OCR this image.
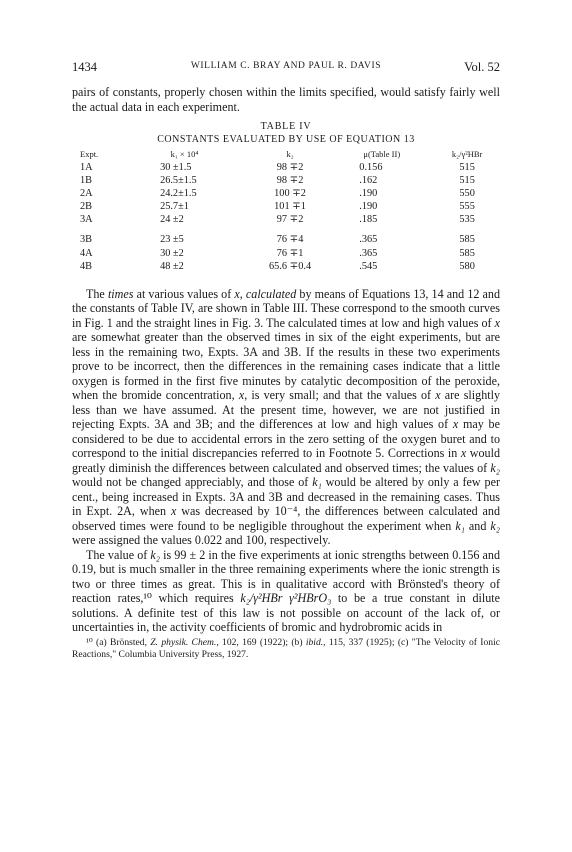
1434	WILLIAM C. BRAY AND PAUL R. DAVIS	Vol. 52

pairs of constants, properly chosen within the limits specified, would satisfy fairly well the actual data in each experiment.

TABLE IV
CONSTANTS EVALUATED BY USE OF EQUATION 13
Expt.	k₁ × 10⁴	k₂	μ(Table II)	k₂/γ²HBr
1A	30 ±1.5	98 ∓2	0.156	515
1B	26.5±1.5	98 ∓2	.162	515
2A	24.2±1.5	100 ∓2	.190	550
2B	25.7±1	101 ∓1	.190	555
3A	24 ±2	97 ∓2	.185	535

3B	23 ±5	76 ∓4	.365	585
4A	30 ±2	76 ∓1	.365	585
4B	48 ±2	65.6 ∓0.4	.545	580

The times at various values of x, calculated by means of Equations 13, 14 and 12 and the constants of Table IV, are shown in Table III. These correspond to the smooth curves in Fig. 1 and the straight lines in Fig. 3. The calculated times at low and high values of x are somewhat greater than the observed times in six of the eight experiments, but are less in the remaining two, Expts. 3A and 3B. If the results in these two experiments prove to be incorrect, then the differences in the remaining cases indicate that a little oxygen is formed in the first five minutes by catalytic decomposition of the peroxide, when the bromide concentration, x, is very small; and that the values of x are slightly less than we have assumed. At the present time, however, we are not justified in rejecting Expts. 3A and 3B; and the differences at low and high values of x may be considered to be due to accidental errors in the zero setting of the oxygen buret and to correspond to the initial discrepancies referred to in Footnote 5. Corrections in x would greatly diminish the differences between calculated and observed times; the values of k₂ would not be changed appreciably, and those of k₁ would be altered by only a few per cent., being increased in Expts. 3A and 3B and decreased in the remaining cases. Thus in Expt. 2A, when x was decreased by 10⁻⁴, the differences between calculated and observed times were found to be negligible throughout the experiment when k₁ and k₂ were assigned the values 0.022 and 100, respectively.

The value of k₂ is 99 ± 2 in the five experiments at ionic strengths between 0.156 and 0.19, but is much smaller in the three remaining experiments where the ionic strength is two or three times as great. This is in qualitative accord with Brönsted's theory of reaction rates,¹⁰ which requires k₂/γ²HBr γ²HBrO₃ to be a true constant in dilute solutions. A definite test of this law is not possible on account of the lack of, or uncertainties in, the activity coefficients of bromic and hydrobromic acids in

¹⁰ (a) Brönsted, Z. physik. Chem., 102, 169 (1922); (b) ibid., 115, 337 (1925); (c) "The Velocity of Ionic Reactions," Columbia University Press, 1927.
